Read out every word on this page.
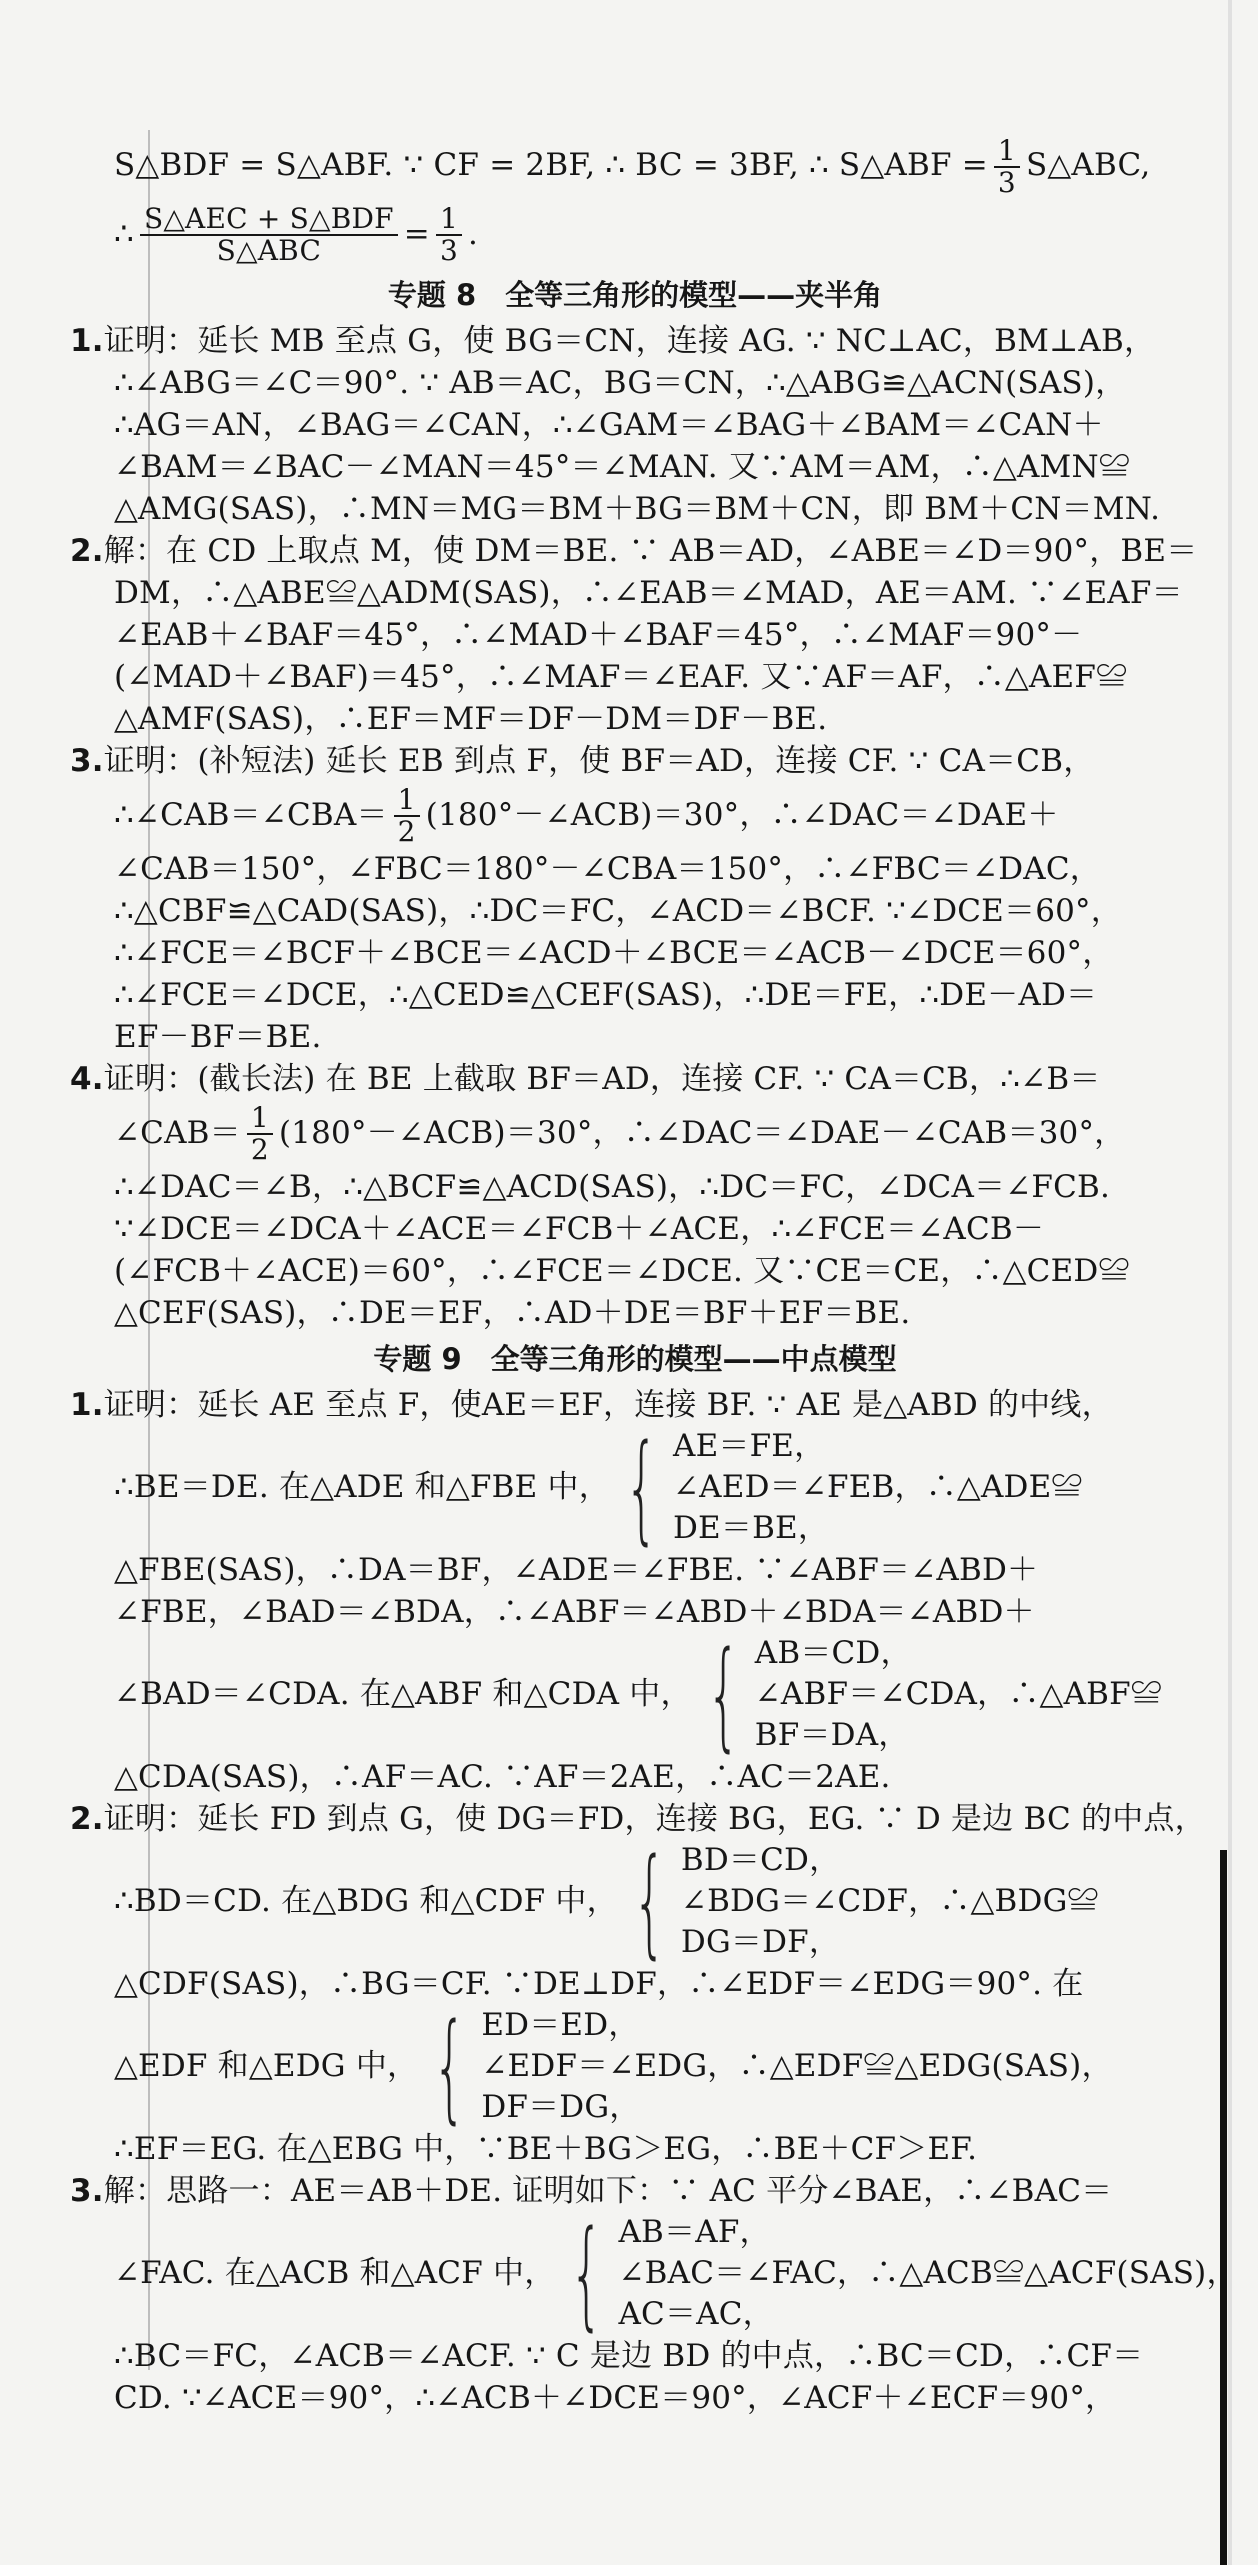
S△BDF = S△ABF. ∵ CF = 2BF, ∴ BC = 3BF, ∴ S△ABF = $\frac{1}{3}$ S△ABC,
∴ $\frac{\text{S△AEC + S△BDF}}{\text{S△ABC}} = \frac{1}{3}$ .
专题 8　全等三角形的模型——夹半角
1.证明：延长 MB 至点 G，使 BG＝CN，连接 AG. ∵ NC⊥AC，BM⊥AB，
∴∠ABG＝∠C＝90°. ∵ AB＝AC，BG＝CN，∴△ABG≌△ACN(SAS)，
∴AG＝AN，∠BAG＝∠CAN，∴∠GAM＝∠BAG＋∠BAM＝∠CAN＋
∠BAM＝∠BAC－∠MAN＝45°＝∠MAN. 又∵AM＝AM，∴△AMN≌
△AMG(SAS)，∴MN＝MG＝BM＋BG＝BM＋CN，即 BM＋CN＝MN.
2.解：在 CD 上取点 M，使 DM＝BE. ∵ AB＝AD，∠ABE＝∠D＝90°，BE＝
DM，∴△ABE≌△ADM(SAS)，∴∠EAB＝∠MAD，AE＝AM. ∵∠EAF＝
∠EAB＋∠BAF＝45°，∴∠MAD＋∠BAF＝45°，∴∠MAF＝90°－
(∠MAD＋∠BAF)＝45°，∴∠MAF＝∠EAF. 又∵AF＝AF，∴△AEF≌
△AMF(SAS)，∴EF＝MF＝DF－DM＝DF－BE.
3.证明：(补短法) 延长 EB 到点 F，使 BF＝AD，连接 CF. ∵ CA＝CB，
∴∠CAB＝∠CBA＝ $\frac{1}{2}$ (180°－∠ACB)＝30°，∴∠DAC＝∠DAE＋
∠CAB＝150°，∠FBC＝180°－∠CBA＝150°，∴∠FBC＝∠DAC，
∴△CBF≌△CAD(SAS)，∴DC＝FC，∠ACD＝∠BCF. ∵∠DCE＝60°，
∴∠FCE＝∠BCF＋∠BCE＝∠ACD＋∠BCE＝∠ACB－∠DCE＝60°，
∴∠FCE＝∠DCE，∴△CED≌△CEF(SAS)，∴DE＝FE，∴DE－AD＝
EF－BF＝BE.
4.证明：(截长法) 在 BE 上截取 BF＝AD，连接 CF. ∵ CA＝CB，∴∠B＝
∠CAB＝ $\frac{1}{2}$ (180°－∠ACB)＝30°，∴∠DAC＝∠DAE－∠CAB＝30°，
∴∠DAC＝∠B，∴△BCF≌△ACD(SAS)，∴DC＝FC，∠DCA＝∠FCB.
∵∠DCE＝∠DCA＋∠ACE＝∠FCB＋∠ACE，∴∠FCE＝∠ACB－
(∠FCB＋∠ACE)＝60°，∴∠FCE＝∠DCE. 又∵CE＝CE，∴△CED≌
△CEF(SAS)，∴DE＝EF，∴AD＋DE＝BF＋EF＝BE.
专题 9　全等三角形的模型——中点模型
1.证明：延长 AE 至点 F，使AE＝EF，连接 BF. ∵ AE 是△ABD 的中线，
∴BE＝DE. 在△ADE 和△FBE 中， { AE＝FE，
∠AED＝∠FEB，∴△ADE≌
DE＝BE，
△FBE(SAS)，∴DA＝BF，∠ADE＝∠FBE. ∵∠ABF＝∠ABD＋
∠FBE，∠BAD＝∠BDA，∴∠ABF＝∠ABD＋∠BDA＝∠ABD＋
∠BAD＝∠CDA. 在△ABF 和△CDA 中， { AB＝CD，
∠ABF＝∠CDA，∴△ABF≌
BF＝DA，
△CDA(SAS)，∴AF＝AC. ∵AF＝2AE，∴AC＝2AE.
2.证明：延长 FD 到点 G，使 DG＝FD，连接 BG，EG. ∵ D 是边 BC 的中点，
∴BD＝CD. 在△BDG 和△CDF 中， { BD＝CD，
∠BDG＝∠CDF，∴△BDG≌
DG＝DF，
△CDF(SAS)，∴BG＝CF. ∵DE⊥DF，∴∠EDF＝∠EDG＝90°. 在
△EDF 和△EDG 中， { ED＝ED，
∠EDF＝∠EDG，∴△EDF≌△EDG(SAS)，
DF＝DG，
∴EF＝EG. 在△EBG 中，∵BE＋BG＞EG，∴BE＋CF＞EF.
3.解：思路一：AE＝AB＋DE. 证明如下：∵ AC 平分∠BAE，∴∠BAC＝
∠FAC. 在△ACB 和△ACF 中， { AB＝AF，
∠BAC＝∠FAC，∴△ACB≌△ACF(SAS)，
AC＝AC，
∴BC＝FC，∠ACB＝∠ACF. ∵ C 是边 BD 的中点，∴BC＝CD，∴CF＝
CD. ∵∠ACE＝90°，∴∠ACB＋∠DCE＝90°，∠ACF＋∠ECF＝90°，
